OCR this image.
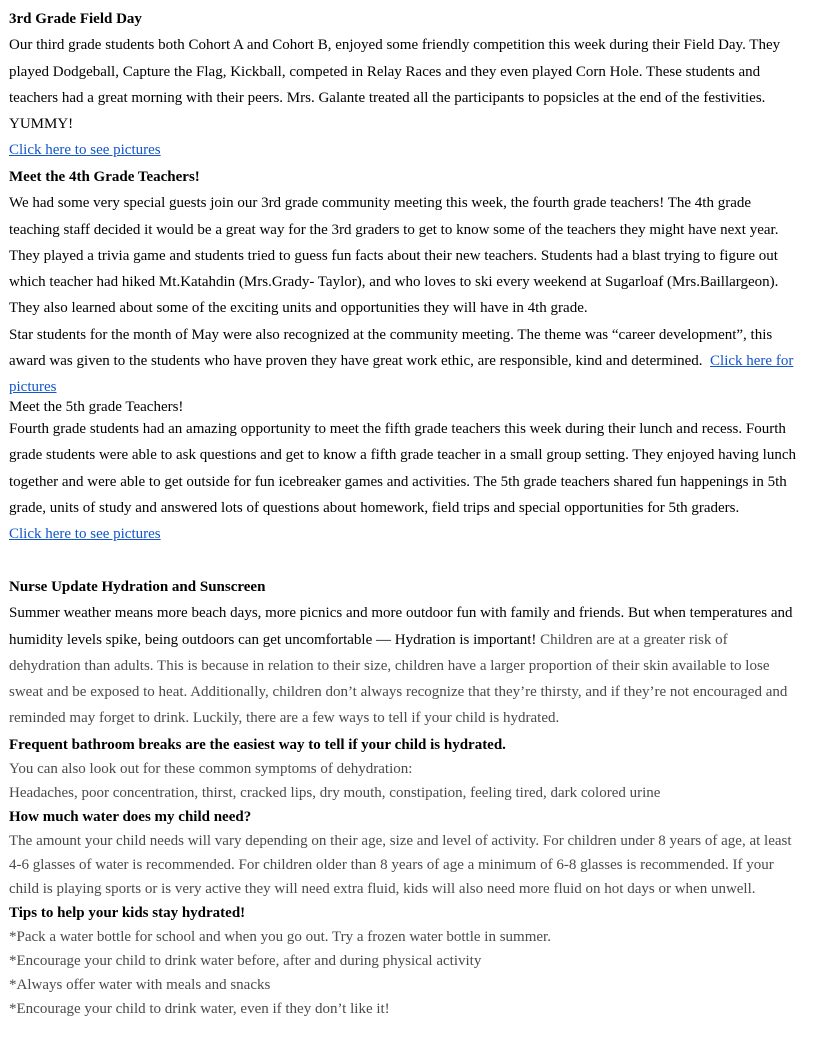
3rd Grade Field Day
Our third grade students both Cohort A and Cohort B, enjoyed some friendly competition this week during their Field Day. They played Dodgeball, Capture the Flag, Kickball, competed in Relay Races and they even played Corn Hole. These students and teachers had a great morning with their peers. Mrs. Galante treated all the participants to popsicles at the end of the festivities. YUMMY!
Click here to see pictures
Meet the 4th Grade Teachers!
We had some very special guests join our 3rd grade community meeting this week, the fourth grade teachers! The 4th grade teaching staff decided it would be a great way for the 3rd graders to get to know some of the teachers they might have next year. They played a trivia game and students tried to guess fun facts about their new teachers. Students had a blast trying to figure out which teacher had hiked Mt.Katahdin (Mrs.Grady- Taylor), and who loves to ski every weekend at Sugarloaf (Mrs.Baillargeon). They also learned about some of the exciting units and opportunities they will have in 4th grade.
Star students for the month of May were also recognized at the community meeting. The theme was “career development”, this award was given to the students who have proven they have great work ethic, are responsible, kind and determined. Click here for pictures
Meet the 5th grade Teachers!
Fourth grade students had an amazing opportunity to meet the fifth grade teachers this week during their lunch and recess. Fourth grade students were able to ask questions and get to know a fifth grade teacher in a small group setting. They enjoyed having lunch together and were able to get outside for fun icebreaker games and activities. The 5th grade teachers shared fun happenings in 5th grade, units of study and answered lots of questions about homework, field trips and special opportunities for 5th graders.
Click here to see pictures
Nurse Update Hydration and Sunscreen
Summer weather means more beach days, more picnics and more outdoor fun with family and friends. But when temperatures and humidity levels spike, being outdoors can get uncomfortable — Hydration is important! Children are at a greater risk of dehydration than adults. This is because in relation to their size, children have a larger proportion of their skin available to lose sweat and be exposed to heat. Additionally, children don’t always recognize that they’re thirsty, and if they’re not encouraged and reminded may forget to drink. Luckily, there are a few ways to tell if your child is hydrated.
Frequent bathroom breaks are the easiest way to tell if your child is hydrated.
You can also look out for these common symptoms of dehydration:
Headaches, poor concentration, thirst, cracked lips, dry mouth, constipation, feeling tired, dark colored urine
How much water does my child need?
The amount your child needs will vary depending on their age, size and level of activity. For children under 8 years of age, at least 4-6 glasses of water is recommended. For children older than 8 years of age a minimum of 6-8 glasses is recommended. If your child is playing sports or is very active they will need extra fluid, kids will also need more fluid on hot days or when unwell.
Tips to help your kids stay hydrated!
*Pack a water bottle for school and when you go out. Try a frozen water bottle in summer.
*Encourage your child to drink water before, after and during physical activity
*Always offer water with meals and snacks
*Encourage your child to drink water, even if they don’t like it!
